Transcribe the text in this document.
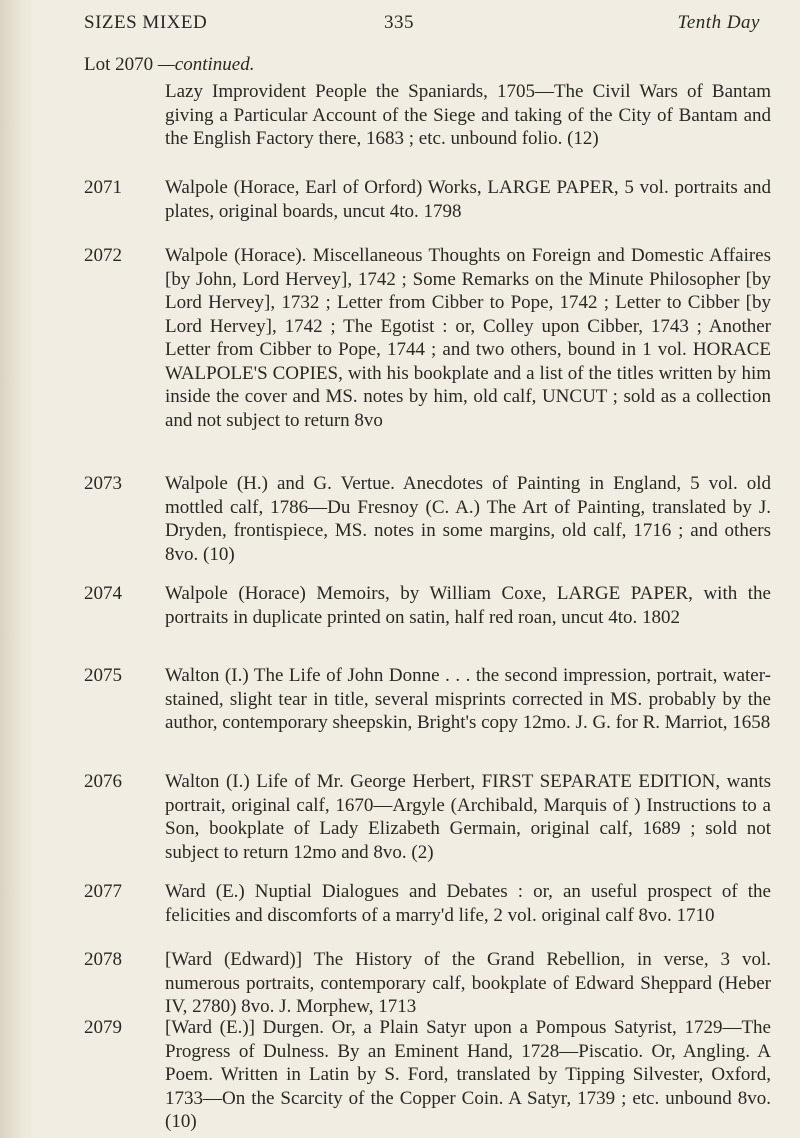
SIZES MIXED	335	Tenth Day
Lot 2070 —continued.
Lazy Improvident People the Spaniards, 1705—The Civil Wars of Bantam giving a Particular Account of the Siege and taking of the City of Bantam and the English Factory there, 1683 ; etc. unbound folio. (12)
2071	Walpole (Horace, Earl of Orford) Works, LARGE PAPER, 5 vol. portraits and plates, original boards, uncut 4to. 1798
2072	Walpole (Horace). Miscellaneous Thoughts on Foreign and Domestic Affaires [by John, Lord Hervey], 1742 ; Some Remarks on the Minute Philosopher [by Lord Hervey], 1732 ; Letter from Cibber to Pope, 1742 ; Letter to Cibber [by Lord Hervey], 1742 ; The Egotist : or, Colley upon Cibber, 1743 ; Another Letter from Cibber to Pope, 1744 ; and two others, bound in 1 vol. HORACE WALPOLE'S COPIES, with his bookplate and a list of the titles written by him inside the cover and MS. notes by him, old calf, UNCUT ; sold as a collection and not subject to return 8vo
2073	Walpole (H.) and G. Vertue. Anecdotes of Painting in England, 5 vol. old mottled calf, 1786—Du Fresnoy (C. A.) The Art of Painting, translated by J. Dryden, frontispiece, MS. notes in some margins, old calf, 1716 ; and others 8vo. (10)
2074	Walpole (Horace) Memoirs, by William Coxe, LARGE PAPER, with the portraits in duplicate printed on satin, half red roan, uncut 4to. 1802
2075	Walton (I.) The Life of John Donne . . . the second impression, portrait, water-stained, slight tear in title, several misprints corrected in MS. probably by the author, contemporary sheepskin, Bright's copy 12mo. J. G. for R. Marriot, 1658
2076	Walton (I.) Life of Mr. George Herbert, FIRST SEPARATE EDITION, wants portrait, original calf, 1670—Argyle (Archibald, Marquis of ) Instructions to a Son, bookplate of Lady Elizabeth Germain, original calf, 1689 ; sold not subject to return 12mo and 8vo. (2)
2077	Ward (E.) Nuptial Dialogues and Debates : or, an useful prospect of the felicities and discomforts of a marry'd life, 2 vol. original calf 8vo. 1710
2078	[Ward (Edward)] The History of the Grand Rebellion, in verse, 3 vol. numerous portraits, contemporary calf, bookplate of Edward Sheppard (Heber IV, 2780) 8vo. J. Morphew, 1713
2079	[Ward (E.)] Durgen. Or, a Plain Satyr upon a Pompous Satyrist, 1729—The Progress of Dulness. By an Eminent Hand, 1728—Piscatio. Or, Angling. A Poem. Written in Latin by S. Ford, translated by Tipping Silvester, Oxford, 1733—On the Scarcity of the Copper Coin. A Satyr, 1739 ; etc. unbound 8vo. (10)
